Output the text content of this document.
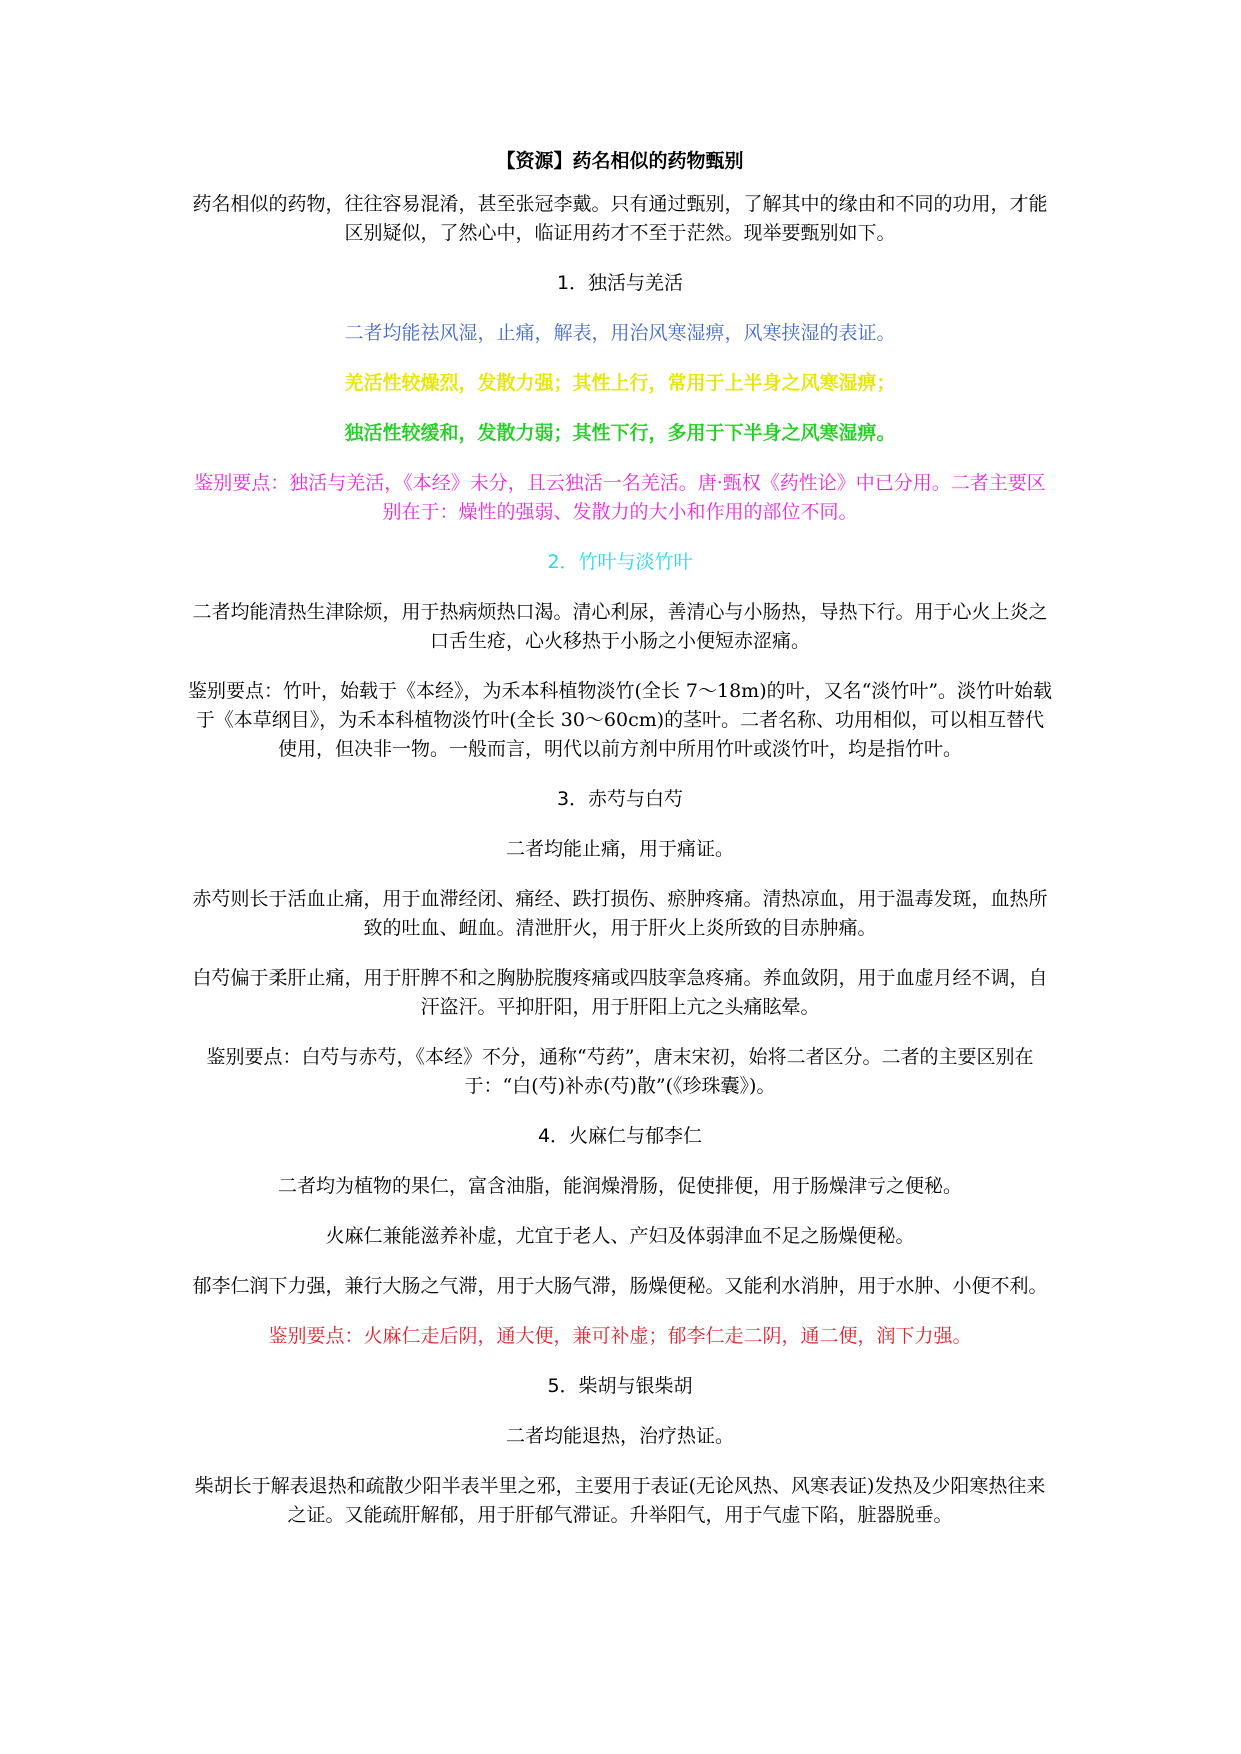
【资源】药名相似的药物甄别
药名相似的药物，往往容易混淆，甚至张冠李戴。只有通过甄别，了解其中的缘由和不同的功用，才能区别疑似，了然心中，临证用药才不至于茫然。现举要甄别如下。
1．独活与羌活
二者均能祛风湿，止痛，解表，用治风寒湿痹，风寒挟湿的表证。
羌活性较燥烈，发散力强；其性上行，常用于上半身之风寒湿痹；
独活性较缓和，发散力弱；其性下行，多用于下半身之风寒湿痹。
鉴别要点：独活与羌活，《本经》未分，且云独活一名羌活。唐·甄权《药性论》中已分用。二者主要区别在于：燥性的强弱、发散力的大小和作用的部位不同。
2．竹叶与淡竹叶
二者均能清热生津除烦，用于热病烦热口渴。清心利尿，善清心与小肠热，导热下行。用于心火上炎之口舌生疮，心火移热于小肠之小便短赤涩痛。
鉴别要点：竹叶，始载于《本经》，为禾本科植物淡竹(全长 7～18m)的叶，又名“淡竹叶”。淡竹叶始载于《本草纲目》，为禾本科植物淡竹叶(全长 30～60cm)的茎叶。二者名称、功用相似，可以相互替代使用，但决非一物。一般而言，明代以前方剂中所用竹叶或淡竹叶，均是指竹叶。
3．赤芍与白芍
二者均能止痛，用于痛证。
赤芍则长于活血止痛，用于血滞经闭、痛经、跌打损伤、瘀肿疼痛。清热凉血，用于温毒发斑，血热所致的吐血、衄血。清泄肝火，用于肝火上炎所致的目赤肿痛。
白芍偏于柔肝止痛，用于肝脾不和之胸胁脘腹疼痛或四肢挛急疼痛。养血敛阴，用于血虚月经不调，自汗盗汗。平抑肝阳，用于肝阳上亢之头痛眩晕。
鉴别要点：白芍与赤芍，《本经》不分，通称“芍药”，唐末宋初，始将二者区分。二者的主要区别在于：“白(芍)补赤(芍)散”(《珍珠囊》)。
4．火麻仁与郁李仁
二者均为植物的果仁，富含油脂，能润燥滑肠，促使排便，用于肠燥津亏之便秘。
火麻仁兼能滋养补虚，尤宜于老人、产妇及体弱津血不足之肠燥便秘。
郁李仁润下力强，兼行大肠之气滞，用于大肠气滞，肠燥便秘。又能利水消肿，用于水肿、小便不利。
鉴别要点：火麻仁走后阴，通大便，兼可补虚；郁李仁走二阴，通二便，润下力强。
5．柴胡与银柴胡
二者均能退热，治疗热证。
柴胡长于解表退热和疏散少阳半表半里之邪，主要用于表证(无论风热、风寒表证)发热及少阳寒热往来之证。又能疏肝解郁，用于肝郁气滞证。升举阳气，用于气虚下陷，脏器脱垂。
